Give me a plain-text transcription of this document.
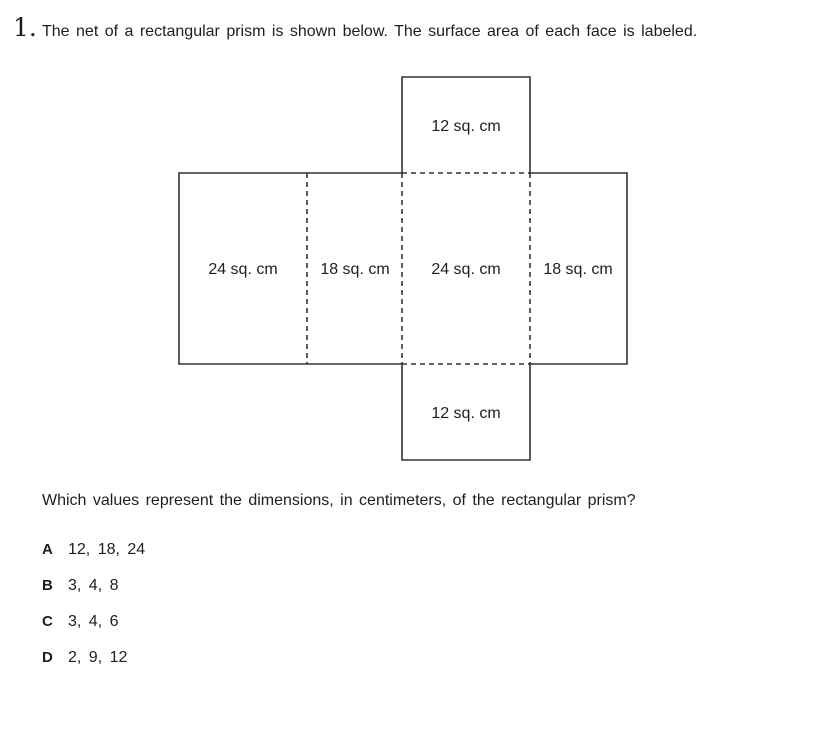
1. The net of a rectangular prism is shown below. The surface area of each face is labeled.

12 sq. cm
24 sq. cm	18 sq. cm	24 sq. cm	18 sq. cm
12 sq. cm

Which values represent the dimensions, in centimeters, of the rectangular prism?

A 12, 18, 24
B 3, 4, 8
C 3, 4, 6
D 2, 9, 12
